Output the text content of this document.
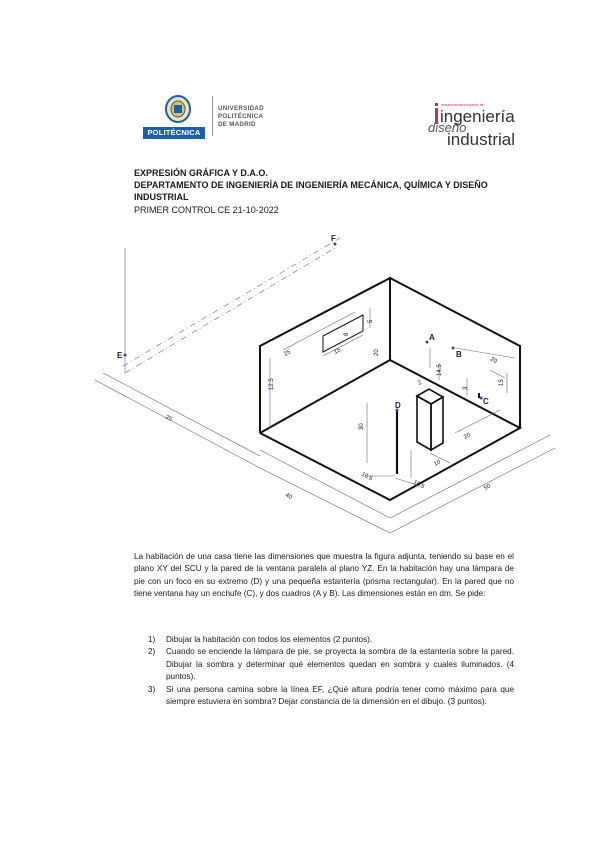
POLITÉCNICA
UNIVERSIDAD
POLITÉCNICA
DE MADRID
escuela técnica superior de
ingeniería
diseño
industrial
EXPRESIÓN GRÁFICA Y D.A.O.
DEPARTAMENTO DE INGENIERÍA DE INGENIERÍA MECÁNICA, QUÍMICA Y DISEÑO
INDUSTRIAL
PRIMER CONTROL CE 21-10-2022
F
E
A
B
C
D
25	15
5
8
20
12.5
14.5
20
15
3
30
20
10.5
10.5
10
2
40
50
25
La habitación de una casa tiene las dimensiones que muestra la figura adjunta, teniendo su base en el plano XY del SCU y la pared de la ventana paralela al plano YZ. En la habitación hay una lámpara de pie con un foco en su extremo (D) y una pequeña estantería (prisma rectangular). En la pared que no tiene ventana hay un enchufe (C), y dos cuadros (A y B). Las dimensiones están en dm. Se pide:
1) Dibujar la habitación con todos los elementos (2 puntos).
2) Cuando se enciende la lámpara de pie, se proyecta la sombra de la estantería sobre la pared. Dibujar la sombra y determinar qué elementos quedan en sombra y cuales iluminados. (4 puntos).
3) Si una persona camina sobre la línea EF, ¿Qué altura podría tener como máximo para que siempre estuviera en sombra? Dejar constancia de la dimensión en el dibujo. (3 puntos).
